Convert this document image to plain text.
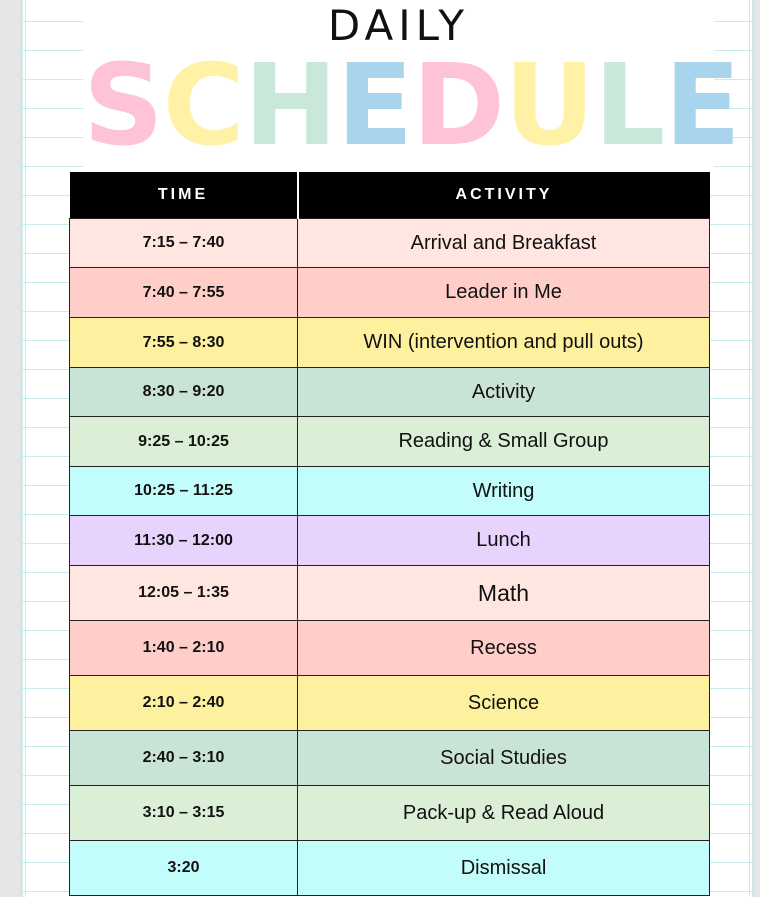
DAILY
SCHEDULE
TIME	ACTIVITY
7:15 – 7:40	Arrival and Breakfast
7:40 – 7:55	Leader in Me
7:55 – 8:30	WIN (intervention and pull outs)
8:30 – 9:20	Activity
9:25 – 10:25	Reading & Small Group
10:25 – 11:25	Writing
11:30 – 12:00	Lunch
12:05 – 1:35	Math
1:40 – 2:10	Recess
2:10 – 2:40	Science
2:40 – 3:10	Social Studies
3:10 – 3:15	Pack-up & Read Aloud
3:20	Dismissal
